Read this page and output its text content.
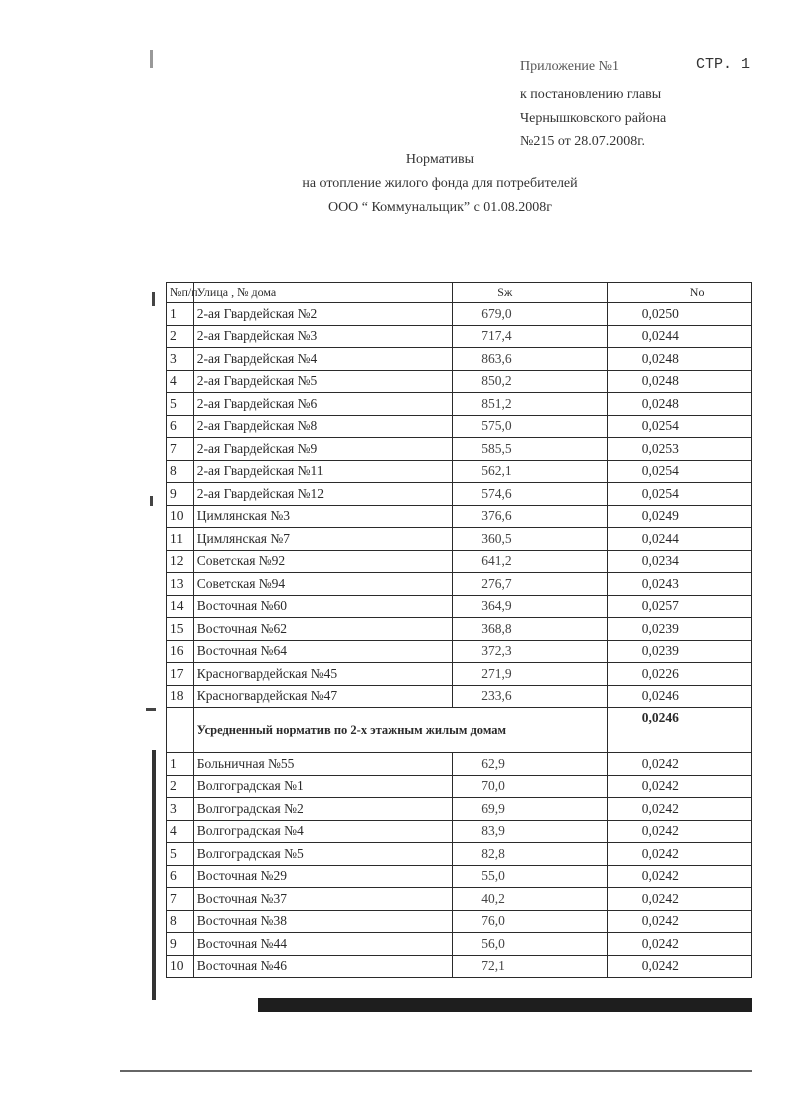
СТР. 1
Приложение №1
к постановлению главы
Чернышковского района
№215 от 28.07.2008г.
Нормативы
на отопление жилого фонда для потребителей
ООО “ Коммунальщик” с 01.08.2008г
№п/п	Улица , № дома	Sж	No
1	2-ая Гвардейская №2	679,0	0,0250
2	2-ая Гвардейская №3	717,4	0,0244
3	2-ая Гвардейская №4	863,6	0,0248
4	2-ая Гвардейская №5	850,2	0,0248
5	2-ая Гвардейская №6	851,2	0,0248
6	2-ая Гвардейская №8	575,0	0,0254
7	2-ая Гвардейская №9	585,5	0,0253
8	2-ая Гвардейская №11	562,1	0,0254
9	2-ая Гвардейская №12	574,6	0,0254
10	Цимлянская №3	376,6	0,0249
11	Цимлянская №7	360,5	0,0244
12	Советская №92	641,2	0,0234
13	Советская №94	276,7	0,0243
14	Восточная №60	364,9	0,0257
15	Восточная №62	368,8	0,0239
16	Восточная №64	372,3	0,0239
17	Красногвардейская №45	271,9	0,0226
18	Красногвардейская №47	233,6	0,0246
	Усредненный норматив по 2-х этажным жилым домам		0,0246
1	Больничная №55	62,9	0,0242
2	Волгоградская №1	70,0	0,0242
3	Волгоградская №2	69,9	0,0242
4	Волгоградская №4	83,9	0,0242
5	Волгоградская №5	82,8	0,0242
6	Восточная №29	55,0	0,0242
7	Восточная №37	40,2	0,0242
8	Восточная №38	76,0	0,0242
9	Восточная №44	56,0	0,0242
10	Восточная №46	72,1	0,0242
